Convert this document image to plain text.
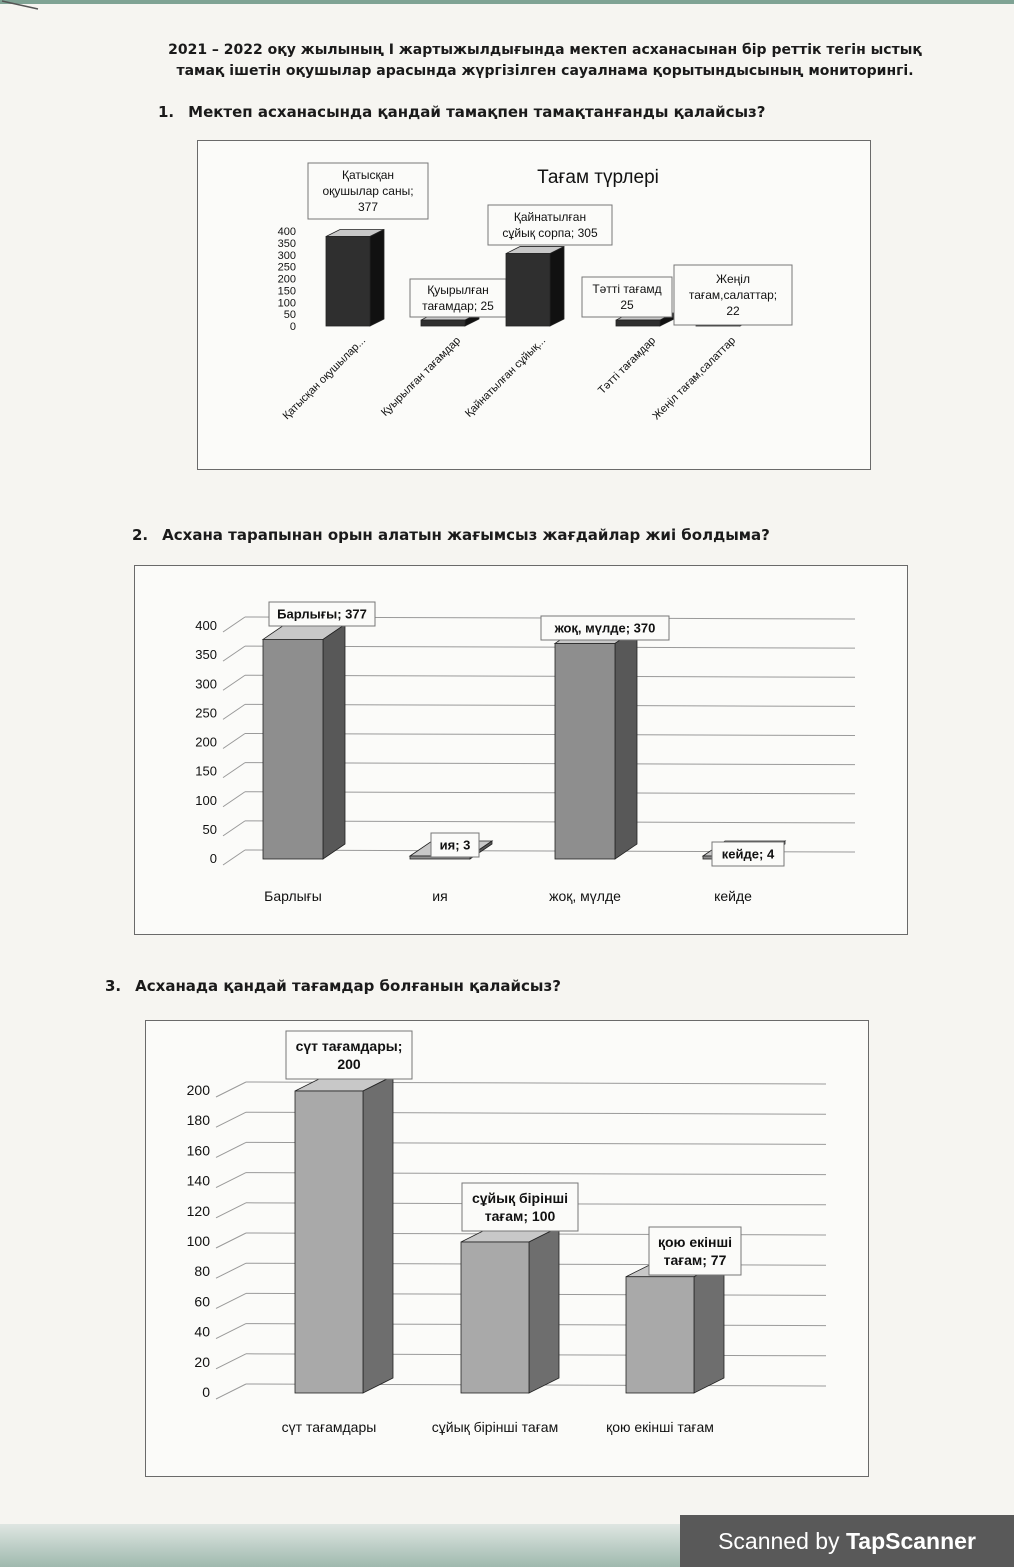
2021 – 2022 оқу жылының І жартыжылдығында мектеп асханасынан бір реттік тегін ыстық
тамақ ішетін оқушылар арасында жүргізілген сауалнама қорытындысының мониторингі.
1. Мектеп асханасында қандай тамақпен тамақтанғанды қалайсыз?
Тағам түрлері
0
50
100
150
200
250
300
350
400
Қатысқан
оқушылар саны;
377
Қатысқан оқушылар...
Қуырылған
тағамдар; 25
Қуырылған тағамдар
Қайнатылған
сұйық сорпа; 305
Қайнатылған сұйық...
Тәтті тағамд
25
Тәтті тағамдар
Жеңіл
тағам,салаттар;
22
Жеңіл тағам,салаттар
2. Асхана тарапынан орын алатын жағымсыз жағдайлар жиі болдыма?
0
50
100
150
200
250
300
350
400
Барлығы; 377
Барлығы
ия; 3
ия
жоқ, мүлде; 370
жоқ, мүлде
кейде; 4
кейде
3. Асханада қандай тағамдар болғанын қалайсыз?
0
20
40
60
80
100
120
140
160
180
200
сүт тағамдары;
200
сүт тағамдары
сұйық бірінші
тағам; 100
сұйық бірінші тағам
қою екінші
тағам; 77
қою екінші тағам
Scanned by TapScanner
